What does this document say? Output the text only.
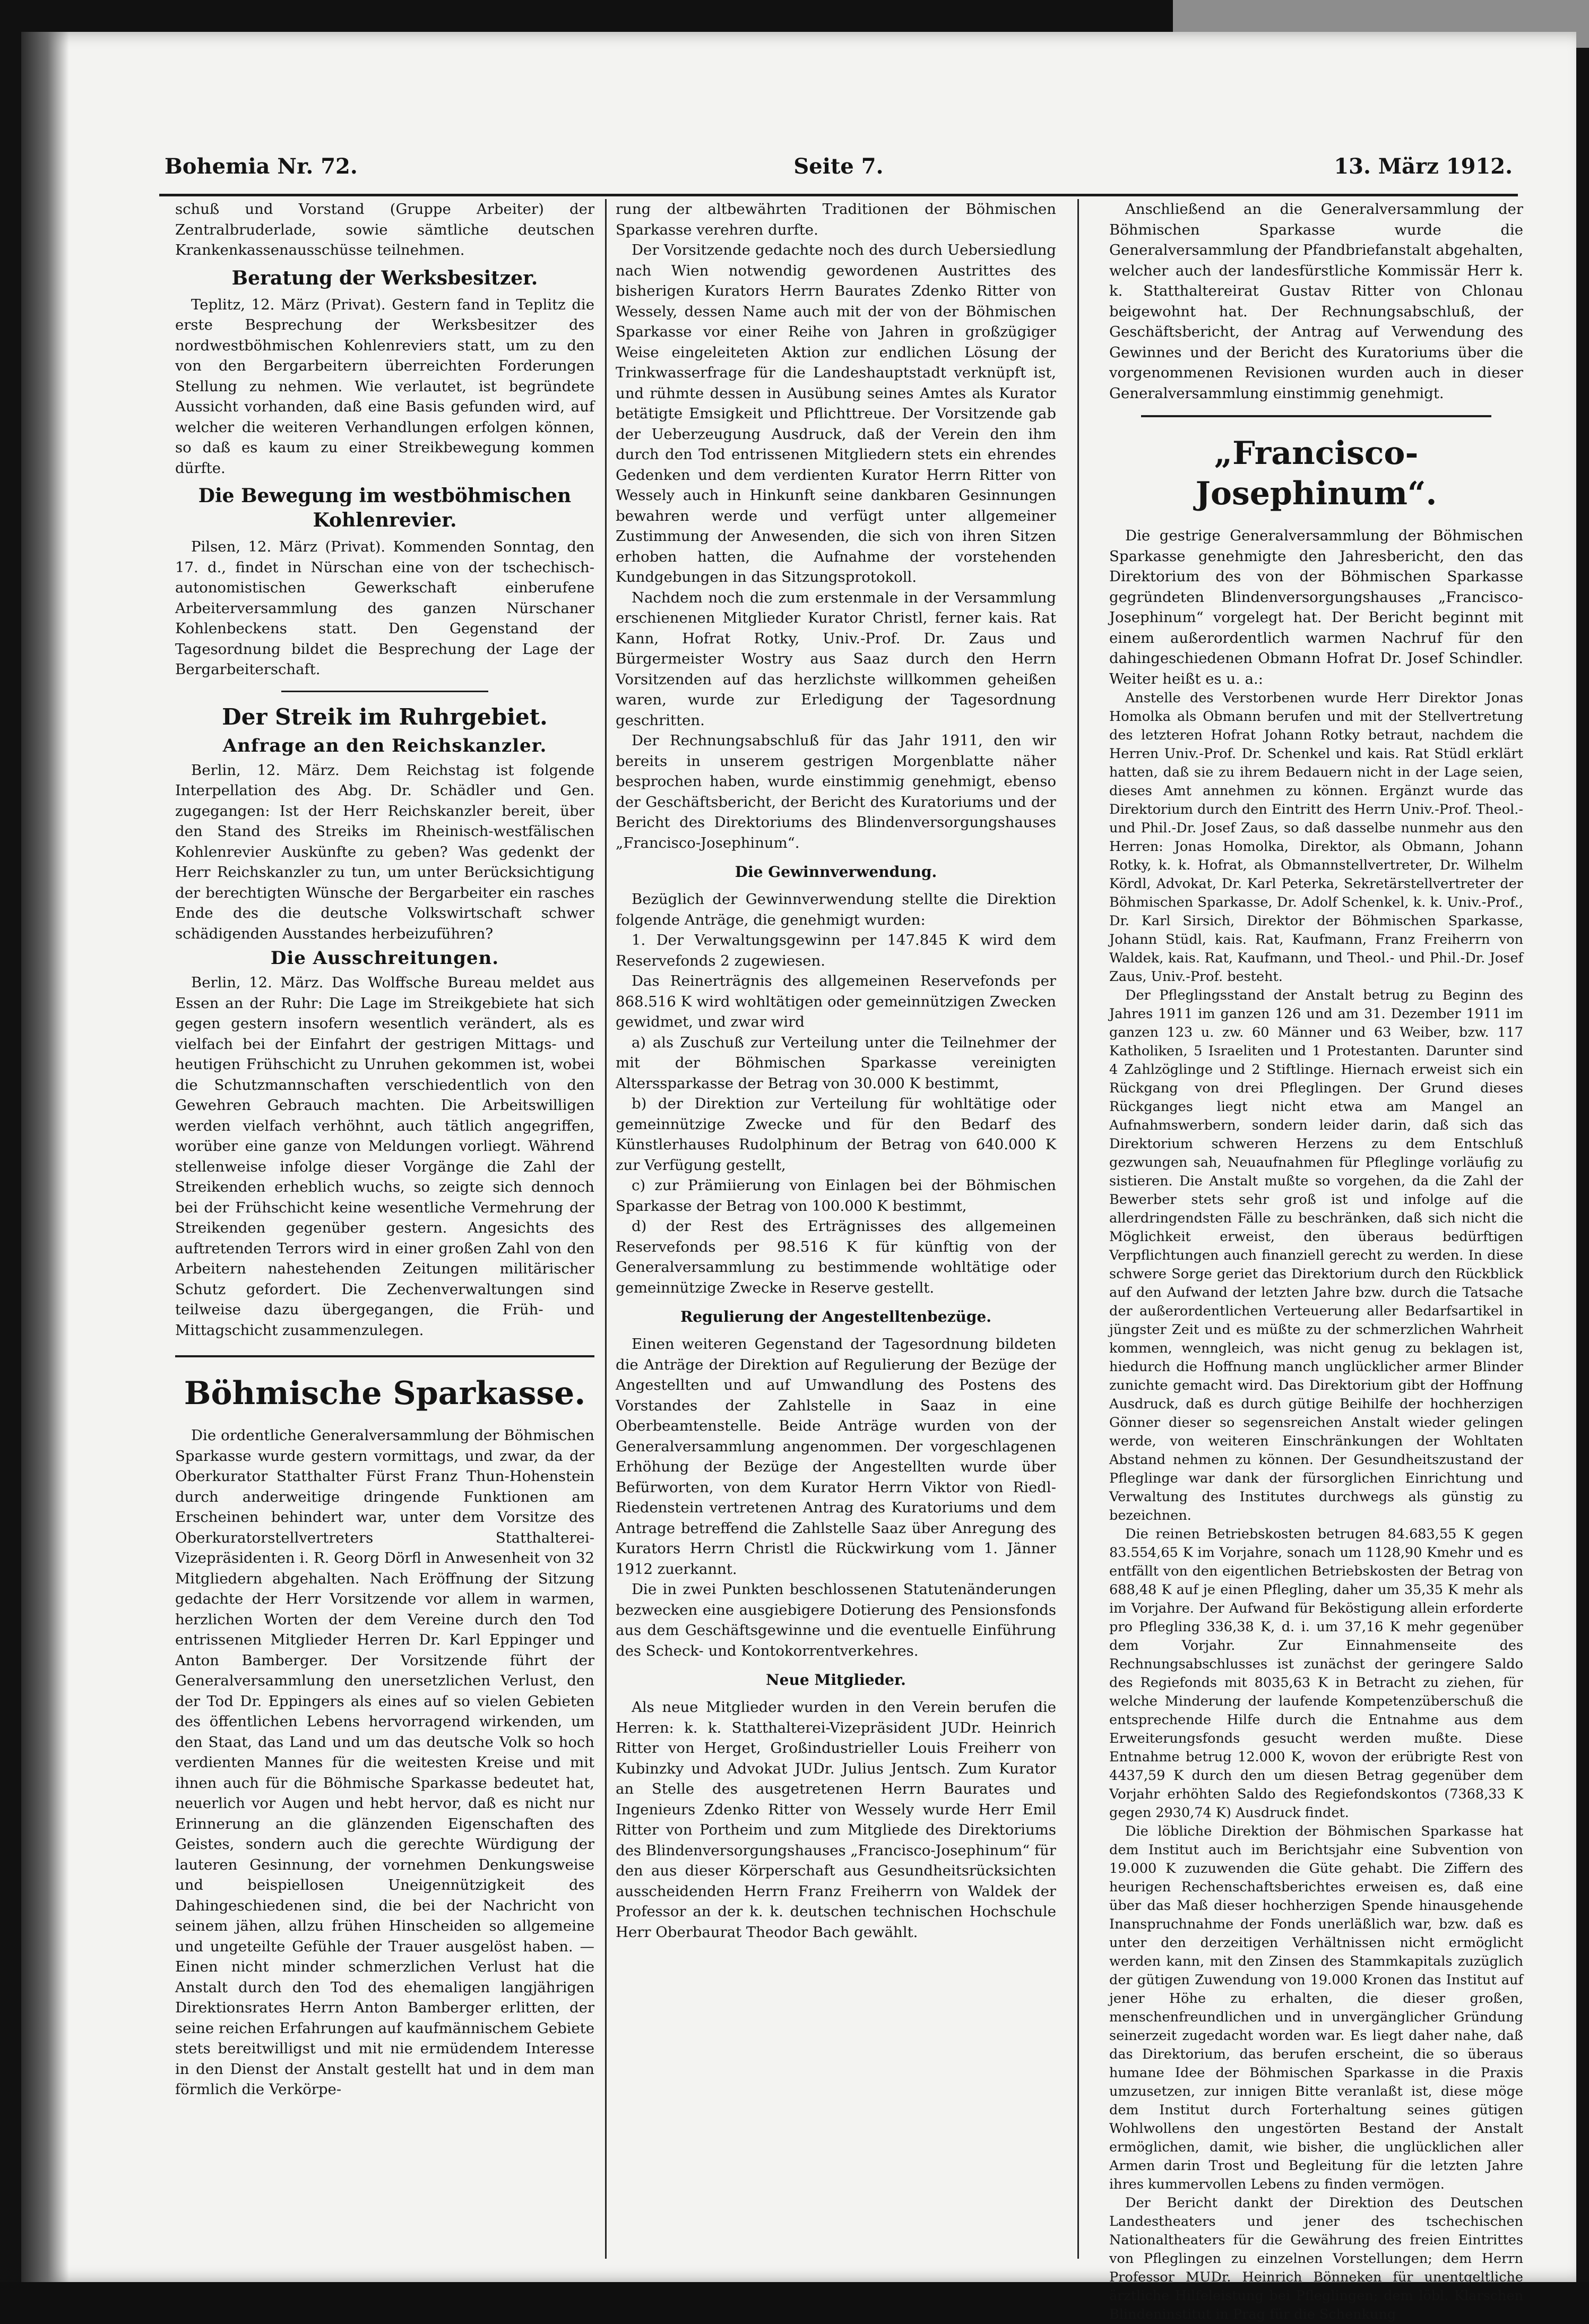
Bohemia Nr. 72.	Seite 7.	13. März 1912.

schuß und Vorstand (Gruppe Arbeiter) der Zentralbruderlade, sowie sämtliche deutschen Krankenkassenausschüsse teilnehmen.

Beratung der Werksbesitzer.

Teplitz, 12. März (Privat). Gestern fand in Teplitz die erste Besprechung der Werksbesitzer des nordwestböhmischen Kohlenreviers statt, um zu den von den Bergarbeitern überreichten Forderungen Stellung zu nehmen. Wie verlautet, ist begründete Aussicht vorhanden, daß eine Basis gefunden wird, auf welcher die weiteren Verhandlungen erfolgen können, so daß es kaum zu einer Streikbewegung kommen dürfte.

Die Bewegung im westböhmischen Kohlenrevier.

Pilsen, 12. März (Privat). Kommenden Sonntag, den 17. d., findet in Nürschan eine von der tschechisch-autonomistischen Gewerkschaft einberufene Arbeiterversammlung des ganzen Nürschaner Kohlenbeckens statt. Den Gegenstand der Tagesordnung bildet die Besprechung der Lage der Bergarbeiterschaft.

Der Streik im Ruhrgebiet.
Anfrage an den Reichskanzler.

Berlin, 12. März. Dem Reichstag ist folgende Interpellation des Abg. Dr. Schädler und Gen. zugegangen: Ist der Herr Reichskanzler bereit, über den Stand des Streiks im Rheinisch-westfälischen Kohlenrevier Auskünfte zu geben? Was gedenkt der Herr Reichskanzler zu tun, um unter Berücksichtigung der berechtigten Wünsche der Bergarbeiter ein rasches Ende des die deutsche Volkswirtschaft schwer schädigenden Ausstandes herbeizuführen?

Die Ausschreitungen.

Berlin, 12. März. Das Wolffsche Bureau meldet aus Essen an der Ruhr: Die Lage im Streikgebiete hat sich gegen gestern insofern wesentlich verändert, als es vielfach bei der Einfahrt der gestrigen Mittags- und heutigen Frühschicht zu Unruhen gekommen ist, wobei die Schutzmannschaften verschiedentlich von den Gewehren Gebrauch machten. Die Arbeitswilligen werden vielfach verhöhnt, auch tätlich angegriffen, worüber eine ganze von Meldungen vorliegt. Während stellenweise infolge dieser Vorgänge die Zahl der Streikenden erheblich wuchs, so zeigte sich dennoch bei der Frühschicht keine wesentliche Vermehrung der Streikenden gegenüber gestern. Angesichts des auftretenden Terrors wird in einer großen Zahl von den Arbeitern nahestehenden Zeitungen militärischer Schutz gefordert. Die Zechenverwaltungen sind teilweise dazu übergegangen, die Früh- und Mittagschicht zusammenzulegen.

Böhmische Sparkasse.

Die ordentliche Generalversammlung der Böhmischen Sparkasse wurde gestern vormittags, und zwar, da der Oberkurator Statthalter Fürst Franz Thun-Hohenstein durch anderweitige dringende Funktionen am Erscheinen behindert war, unter dem Vorsitze des Oberkuratorstellvertreters Statthalterei-Vizepräsidenten i. R. Georg Dörfl in Anwesenheit von 32 Mitgliedern abgehalten. Nach Eröffnung der Sitzung gedachte der Herr Vorsitzende vor allem in warmen, herzlichen Worten der dem Vereine durch den Tod entrissenen Mitglieder Herren Dr. Karl Eppinger und Anton Bamberger. Der Vorsitzende führt der Generalversammlung den unersetzlichen Verlust, den der Tod Dr. Eppingers als eines auf so vielen Gebieten des öffentlichen Lebens hervorragend wirkenden, um den Staat, das Land und um das deutsche Volk so hoch verdienten Mannes für die weitesten Kreise und mit ihnen auch für die Böhmische Sparkasse bedeutet hat, neuerlich vor Augen und hebt hervor, daß es nicht nur Erinnerung an die glänzenden Eigenschaften des Geistes, sondern auch die gerechte Würdigung der lauteren Gesinnung, der vornehmen Denkungsweise und beispiellosen Uneigennützigkeit des Dahingeschiedenen sind, die bei der Nachricht von seinem jähen, allzu frühen Hinscheiden so allgemeine und ungeteilte Gefühle der Trauer ausgelöst haben. — Einen nicht minder schmerzlichen Verlust hat die Anstalt durch den Tod des ehemaligen langjährigen Direktionsrates Herrn Anton Bamberger erlitten, der seine reichen Erfahrungen auf kaufmännischem Gebiete stets bereitwilligst und mit nie ermüdendem Interesse in den Dienst der Anstalt gestellt hat und in dem man förmlich die Verkörpe-

rung der altbewährten Traditionen der Böhmischen Sparkasse verehren durfte.

Der Vorsitzende gedachte noch des durch Uebersiedlung nach Wien notwendig gewordenen Austrittes des bisherigen Kurators Herrn Baurates Zdenko Ritter von Wessely, dessen Name auch mit der von der Böhmischen Sparkasse vor einer Reihe von Jahren in großzügiger Weise eingeleiteten Aktion zur endlichen Lösung der Trinkwasserfrage für die Landeshauptstadt verknüpft ist, und rühmte dessen in Ausübung seines Amtes als Kurator betätigte Emsigkeit und Pflichttreue. Der Vorsitzende gab der Ueberzeugung Ausdruck, daß der Verein den ihm durch den Tod entrissenen Mitgliedern stets ein ehrendes Gedenken und dem verdienten Kurator Herrn Ritter von Wessely auch in Hinkunft seine dankbaren Gesinnungen bewahren werde und verfügt unter allgemeiner Zustimmung der Anwesenden, die sich von ihren Sitzen erhoben hatten, die Aufnahme der vorstehenden Kundgebungen in das Sitzungsprotokoll.

Nachdem noch die zum erstenmale in der Versammlung erschienenen Mitglieder Kurator Christl, ferner kais. Rat Kann, Hofrat Rotky, Univ.-Prof. Dr. Zaus und Bürgermeister Wostry aus Saaz durch den Herrn Vorsitzenden auf das herzlichste willkommen geheißen waren, wurde zur Erledigung der Tagesordnung geschritten.

Der Rechnungsabschluß für das Jahr 1911, den wir bereits in unserem gestrigen Morgenblatte näher besprochen haben, wurde einstimmig genehmigt, ebenso der Geschäftsbericht, der Bericht des Kuratoriums und der Bericht des Direktoriums des Blindenversorgungshauses „Francisco-Josephinum“.

Die Gewinnverwendung.

Bezüglich der Gewinnverwendung stellte die Direktion folgende Anträge, die genehmigt wurden:

1. Der Verwaltungsgewinn per 147.845 K wird dem Reservefonds 2 zugewiesen.

Das Reinerträgnis des allgemeinen Reservefonds per 868.516 K wird wohltätigen oder gemeinnützigen Zwecken gewidmet, und zwar wird

a) als Zuschuß zur Verteilung unter die Teilnehmer der mit der Böhmischen Sparkasse vereinigten Alterssparkasse der Betrag von 30.000 K bestimmt,

b) der Direktion zur Verteilung für wohltätige oder gemeinnützige Zwecke und für den Bedarf des Künstlerhauses Rudolphinum der Betrag von 640.000 K zur Verfügung gestellt,

c) zur Prämiierung von Einlagen bei der Böhmischen Sparkasse der Betrag von 100.000 K bestimmt,

d) der Rest des Erträgnisses des allgemeinen Reservefonds per 98.516 K für künftig von der Generalversammlung zu bestimmende wohltätige oder gemeinnützige Zwecke in Reserve gestellt.

Regulierung der Angestelltenbezüge.

Einen weiteren Gegenstand der Tagesordnung bildeten die Anträge der Direktion auf Regulierung der Bezüge der Angestellten und auf Umwandlung des Postens des Vorstandes der Zahlstelle in Saaz in eine Oberbeamtenstelle. Beide Anträge wurden von der Generalversammlung angenommen. Der vorgeschlagenen Erhöhung der Bezüge der Angestellten wurde über Befürworten, von dem Kurator Herrn Viktor von Riedl-Riedenstein vertretenen Antrag des Kuratoriums und dem Antrage betreffend die Zahlstelle Saaz über Anregung des Kurators Herrn Christl die Rückwirkung vom 1. Jänner 1912 zuerkannt.

Die in zwei Punkten beschlossenen Statutenänderungen bezwecken eine ausgiebigere Dotierung des Pensionsfonds aus dem Geschäftsgewinne und die eventuelle Einführung des Scheck- und Kontokorrentverkehres.

Neue Mitglieder.

Als neue Mitglieder wurden in den Verein berufen die Herren: k. k. Statthalterei-Vizepräsident JUDr. Heinrich Ritter von Herget, Großindustrieller Louis Freiherr von Kubinzky und Advokat JUDr. Julius Jentsch. Zum Kurator an Stelle des ausgetretenen Herrn Baurates und Ingenieurs Zdenko Ritter von Wessely wurde Herr Emil Ritter von Portheim und zum Mitgliede des Direktoriums des Blindenversorgungshauses „Francisco-Josephinum“ für den aus dieser Körperschaft aus Gesundheitsrücksichten ausscheidenden Herrn Franz Freiherrn von Waldek der Professor an der k. k. deutschen technischen Hochschule Herr Oberbaurat Theodor Bach gewählt.

Anschließend an die Generalversammlung der Böhmischen Sparkasse wurde die Generalversammlung der Pfandbriefanstalt abgehalten, welcher auch der landesfürstliche Kommissär Herr k. k. Statthaltereirat Gustav Ritter von Chlonau beigewohnt hat. Der Rechnungsabschluß, der Geschäftsbericht, der Antrag auf Verwendung des Gewinnes und der Bericht des Kuratoriums über die vorgenommenen Revisionen wurden auch in dieser Generalversammlung einstimmig genehmigt.

„Francisco-Josephinum“.

Die gestrige Generalversammlung der Böhmischen Sparkasse genehmigte den Jahresbericht, den das Direktorium des von der Böhmischen Sparkasse gegründeten Blindenversorgungshauses „Francisco-Josephinum“ vorgelegt hat. Der Bericht beginnt mit einem außerordentlich warmen Nachruf für den dahingeschiedenen Obmann Hofrat Dr. Josef Schindler. Weiter heißt es u. a.:

Anstelle des Verstorbenen wurde Herr Direktor Jonas Homolka als Obmann berufen und mit der Stellvertretung des letzteren Hofrat Johann Rotky betraut, nachdem die Herren Univ.-Prof. Dr. Schenkel und kais. Rat Stüdl erklärt hatten, daß sie zu ihrem Bedauern nicht in der Lage seien, dieses Amt annehmen zu können. Ergänzt wurde das Direktorium durch den Eintritt des Herrn Univ.-Prof. Theol.- und Phil.-Dr. Josef Zaus, so daß dasselbe nunmehr aus den Herren: Jonas Homolka, Direktor, als Obmann, Johann Rotky, k. k. Hofrat, als Obmannstellvertreter, Dr. Wilhelm Kördl, Advokat, Dr. Karl Peterka, Sekretärstellvertreter der Böhmischen Sparkasse, Dr. Adolf Schenkel, k. k. Univ.-Prof., Dr. Karl Sirsich, Direktor der Böhmischen Sparkasse, Johann Stüdl, kais. Rat, Kaufmann, Franz Freiherrn von Waldek, kais. Rat, Kaufmann, und Theol.- und Phil.-Dr. Josef Zaus, Univ.-Prof. besteht.

Der Pfleglingsstand der Anstalt betrug zu Beginn des Jahres 1911 im ganzen 126 und am 31. Dezember 1911 im ganzen 123 u. zw. 60 Männer und 63 Weiber, bzw. 117 Katholiken, 5 Israeliten und 1 Protestanten. Darunter sind 4 Zahlzöglinge und 2 Stiftlinge. Hiernach erweist sich ein Rückgang von drei Pfleglingen. Der Grund dieses Rückganges liegt nicht etwa am Mangel an Aufnahmswerbern, sondern leider darin, daß sich das Direktorium schweren Herzens zu dem Entschluß gezwungen sah, Neuaufnahmen für Pfleglinge vorläufig zu sistieren. Die Anstalt mußte so vorgehen, da die Zahl der Bewerber stets sehr groß ist und infolge auf die allerdringendsten Fälle zu beschränken, daß sich nicht die Möglichkeit erweist, den überaus bedürftigen Verpflichtungen auch finanziell gerecht zu werden. In diese schwere Sorge geriet das Direktorium durch den Rückblick auf den Aufwand der letzten Jahre bzw. durch die Tatsache der außerordentlichen Verteuerung aller Bedarfsartikel in jüngster Zeit und es müßte zu der schmerzlichen Wahrheit kommen, wenngleich, was nicht genug zu beklagen ist, hiedurch die Hoffnung manch unglücklicher armer Blinder zunichte gemacht wird. Das Direktorium gibt der Hoffnung Ausdruck, daß es durch gütige Beihilfe der hochherzigen Gönner dieser so segensreichen Anstalt wieder gelingen werde, von weiteren Einschränkungen der Wohltaten Abstand nehmen zu können. Der Gesundheitszustand der Pfleglinge war dank der fürsorglichen Einrichtung und Verwaltung des Institutes durchwegs als günstig zu bezeichnen.

Die reinen Betriebskosten betrugen 84.683,55 K gegen 83.554,65 K im Vorjahre, sonach um 1128,90 Kmehr und es entfällt von den eigentlichen Betriebskosten der Betrag von 688,48 K auf je einen Pflegling, daher um 35,35 K mehr als im Vorjahre. Der Aufwand für Beköstigung allein erforderte pro Pflegling 336,38 K, d. i. um 37,16 K mehr gegenüber dem Vorjahr. Zur Einnahmenseite des Rechnungsabschlusses ist zunächst der geringere Saldo des Regiefonds mit 8035,63 K in Betracht zu ziehen, für welche Minderung der laufende Kompetenzüberschuß die entsprechende Hilfe durch die Entnahme aus dem Erweiterungsfonds gesucht werden mußte. Diese Entnahme betrug 12.000 K, wovon der erübrigte Rest von 4437,59 K durch den um diesen Betrag gegenüber dem Vorjahr erhöhten Saldo des Regiefondskontos (7368,33 K gegen 2930,74 K) Ausdruck findet.

Die löbliche Direktion der Böhmischen Sparkasse hat dem Institut auch im Berichtsjahr eine Subvention von 19.000 K zuzuwenden die Güte gehabt. Die Ziffern des heurigen Rechenschaftsberichtes erweisen es, daß eine über das Maß dieser hochherzigen Spende hinausgehende Inanspruchnahme der Fonds unerläßlich war, bzw. daß es unter den derzeitigen Verhältnissen nicht ermöglicht werden kann, mit den Zinsen des Stammkapitals zuzüglich der gütigen Zuwendung von 19.000 Kronen das Institut auf jener Höhe zu erhalten, die dieser großen, menschenfreundlichen und in unvergänglicher Gründung seinerzeit zugedacht worden war. Es liegt daher nahe, daß das Direktorium, das berufen erscheint, die so überaus humane Idee der Böhmischen Sparkasse in die Praxis umzusetzen, zur innigen Bitte veranlaßt ist, diese möge dem Institut durch Forterhaltung seines gütigen Wohlwollens den ungestörten Bestand der Anstalt ermöglichen, damit, wie bisher, die unglücklichen aller Armen darin Trost und Begleitung für die letzten Jahre ihres kummervollen Lebens zu finden vermögen.

Der Bericht dankt der Direktion des Deutschen Landestheaters und jener des tschechischen Nationaltheaters für die Gewährung des freien Eintrittes von Pfleglingen zu einzelnen Vorstellungen; dem Herrn Professor MUDr. Heinrich Bönneken für unentgeltliche ärztliche Hilfeleistung bei Pfleglingen; dem löbl. Klarschen Blindeninstitut in Prag für die Schenkung
